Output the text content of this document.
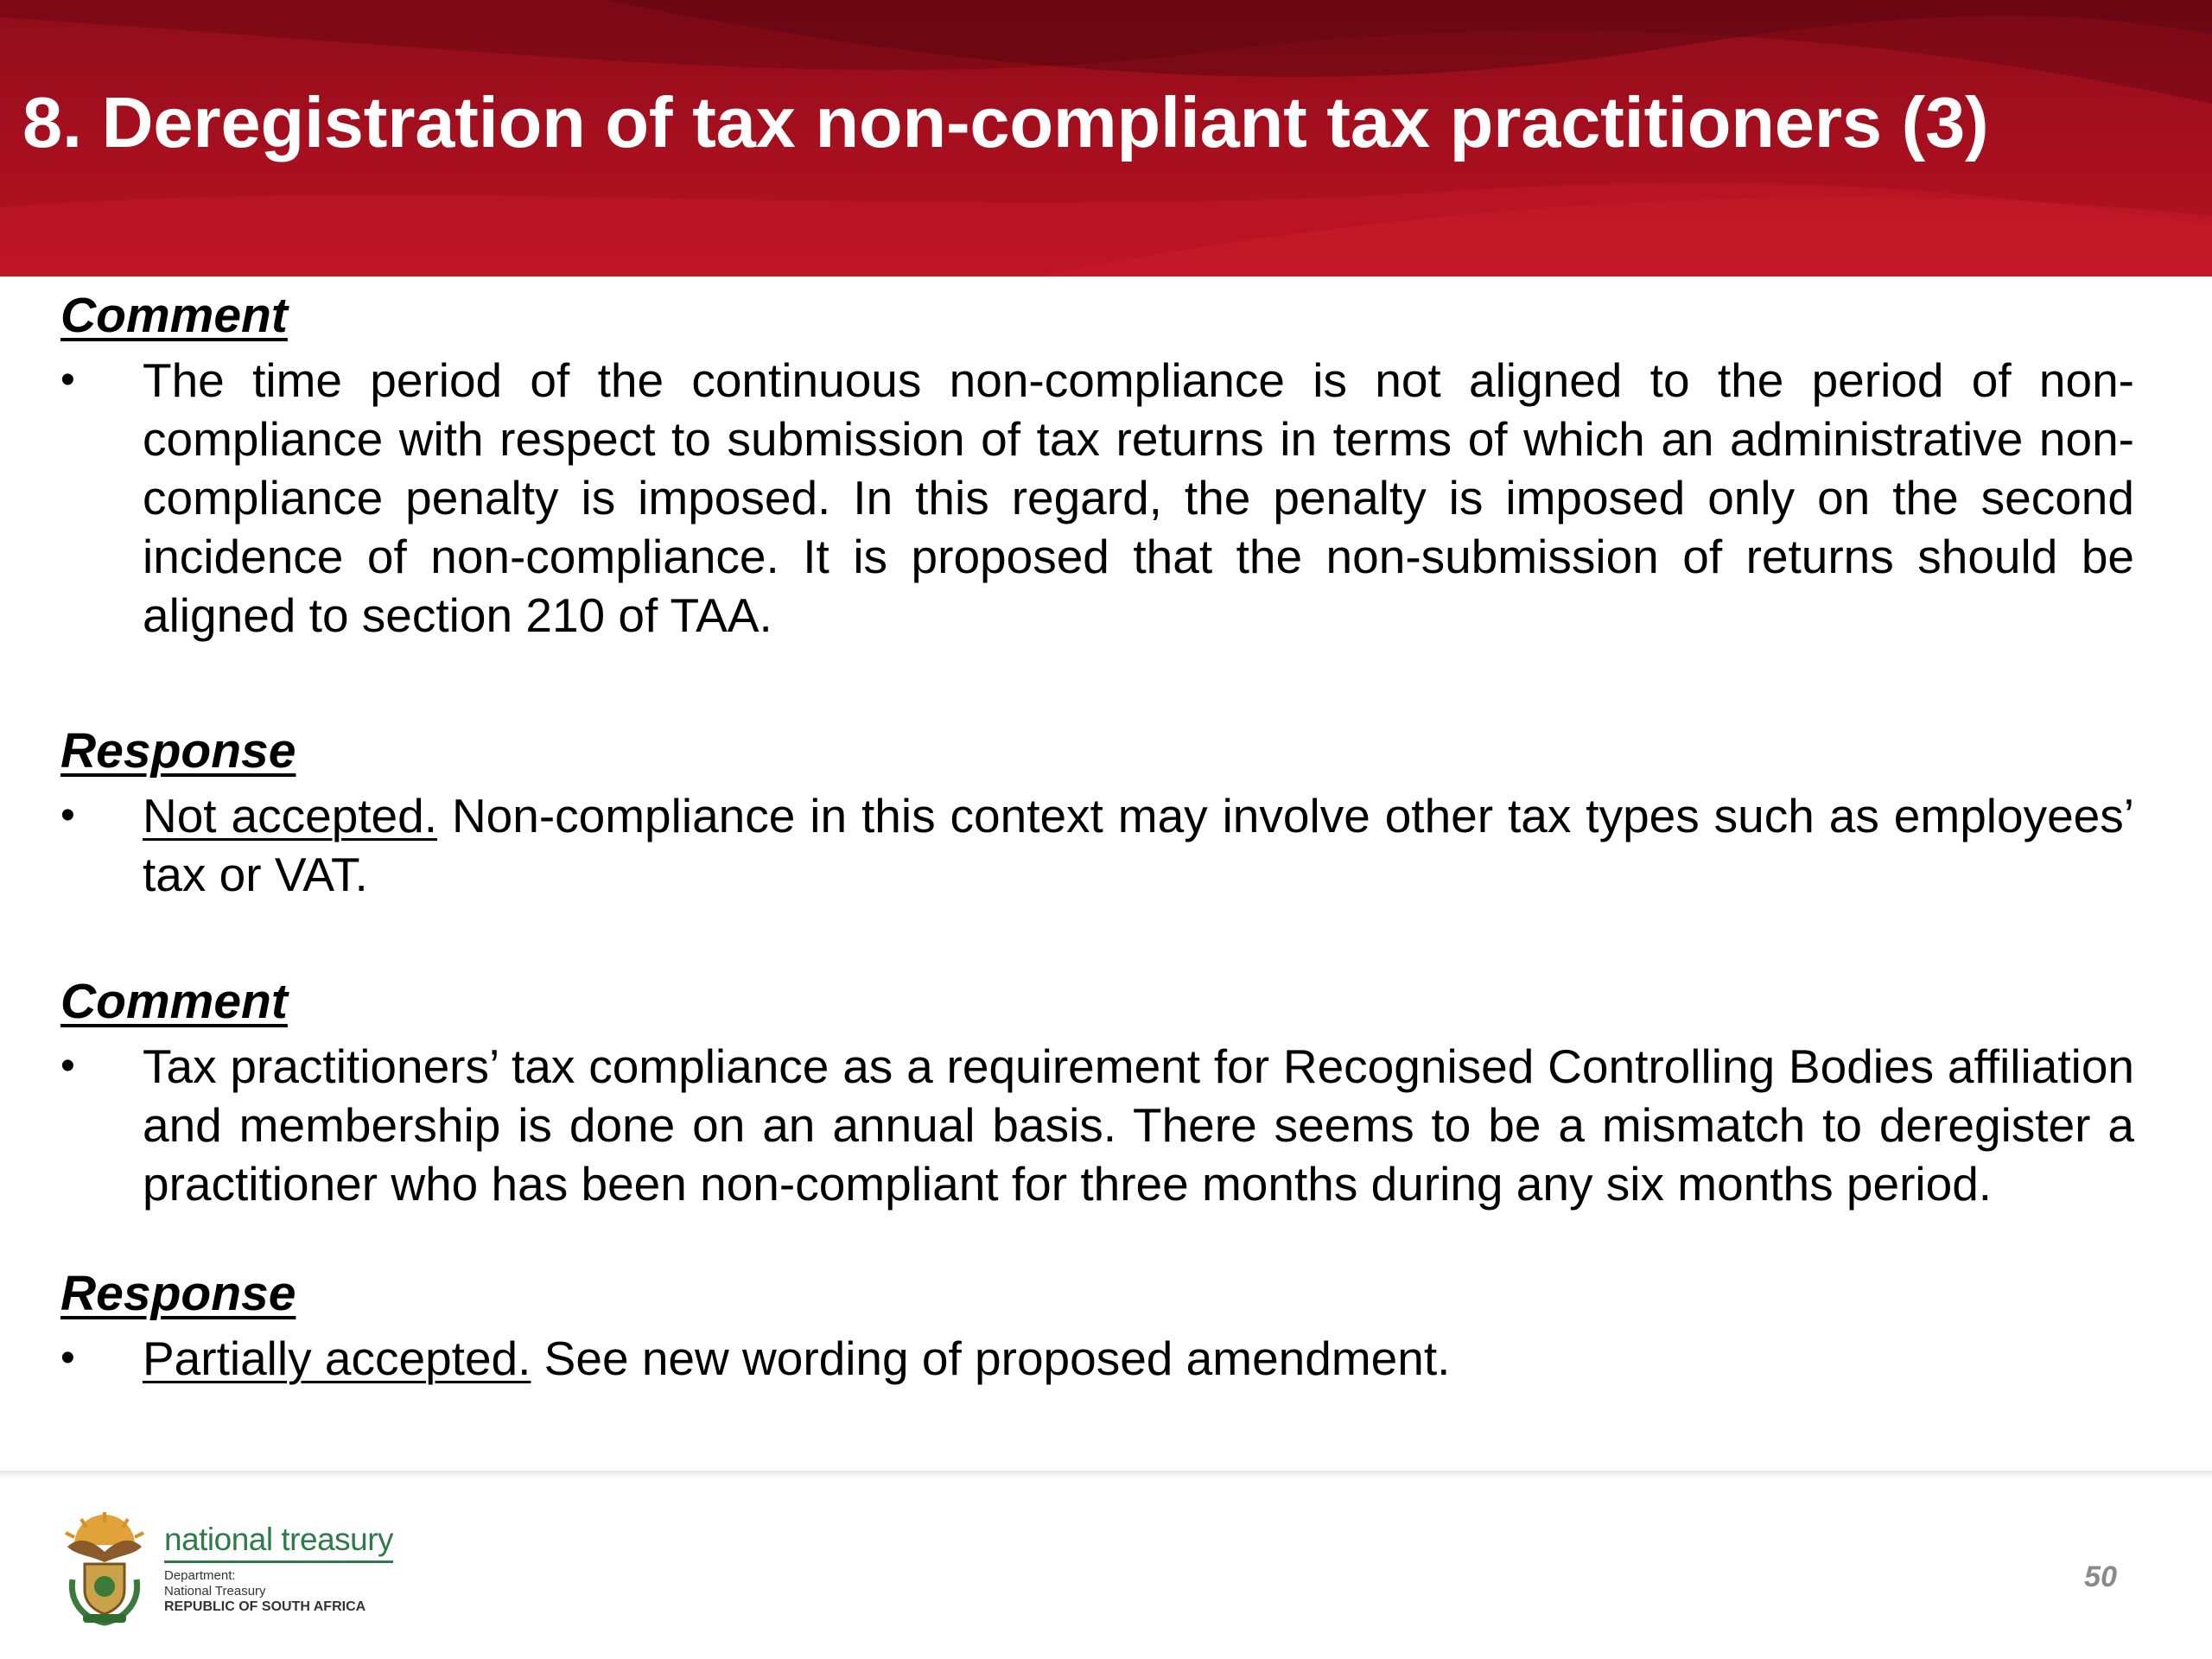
8. Deregistration of tax non-compliant tax practitioners (3)
Comment
•	The time period of the continuous non-compliance is not aligned to the period of non-compliance with respect to submission of tax returns in terms of which an administrative non-compliance penalty is imposed. In this regard, the penalty is imposed only on the second incidence of non-compliance. It is proposed that the non-submission of returns should be aligned to section 210 of TAA.
Response
•	Not accepted. Non-compliance in this context may involve other tax types such as employees’ tax or VAT.
Comment
•	Tax practitioners’ tax compliance as a requirement for Recognised Controlling Bodies affiliation and membership is done on an annual basis. There seems to be a mismatch to deregister a practitioner who has been non-compliant for three months during any six months period.
Response
•	Partially accepted. See new wording of proposed amendment.
national treasury
Department:
National Treasury
REPUBLIC OF SOUTH AFRICA
50
